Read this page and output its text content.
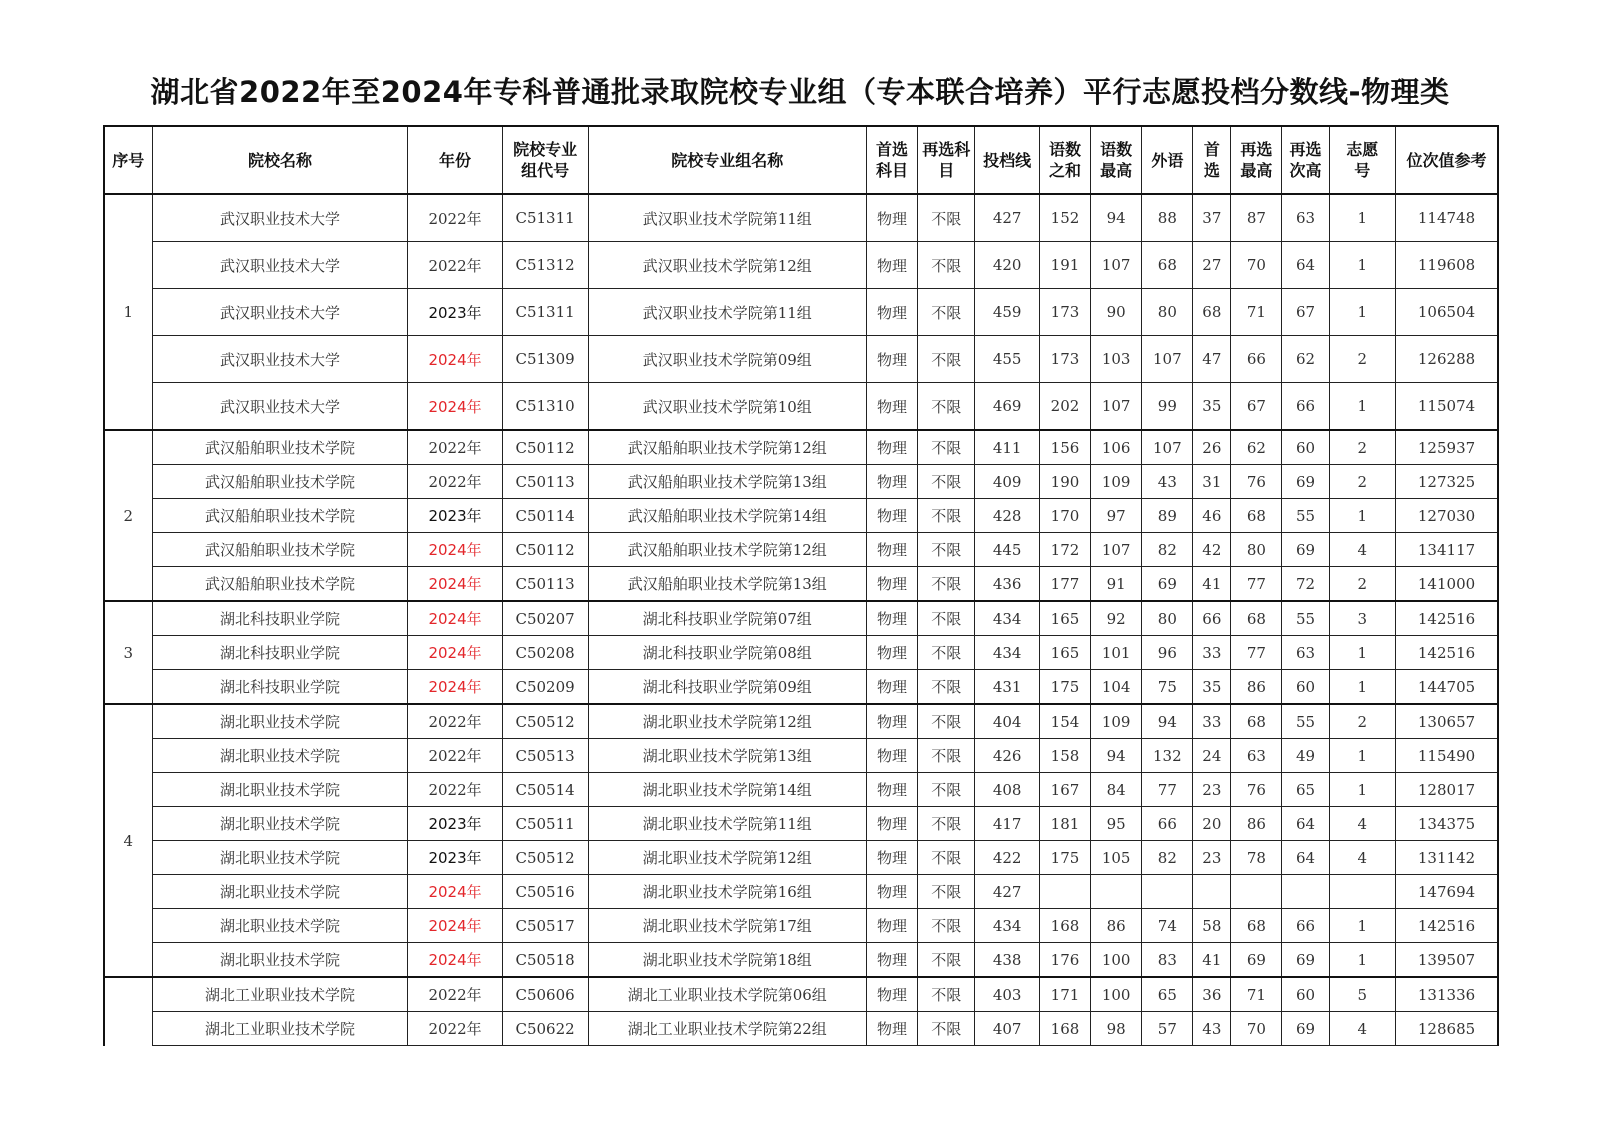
湖北省2022年至2024年专科普通批录取院校专业组（专本联合培养）平行志愿投档分数线-物理类
序号	院校名称	年份	院校专业组代号	院校专业组名称	首选科目	再选科目	投档线	语数之和	语数最高	外语	首选	再选最高	再选次高	志愿号	位次值参考
1	武汉职业技术大学	2022年	C51311	武汉职业技术学院第11组	物理	不限	427	152	94	88	37	87	63	1	114748
	武汉职业技术大学	2022年	C51312	武汉职业技术学院第12组	物理	不限	420	191	107	68	27	70	64	1	119608
	武汉职业技术大学	2023年	C51311	武汉职业技术学院第11组	物理	不限	459	173	90	80	68	71	67	1	106504
	武汉职业技术大学	2024年	C51309	武汉职业技术学院第09组	物理	不限	455	173	103	107	47	66	62	2	126288
	武汉职业技术大学	2024年	C51310	武汉职业技术学院第10组	物理	不限	469	202	107	99	35	67	66	1	115074
2	武汉船舶职业技术学院	2022年	C50112	武汉船舶职业技术学院第12组	物理	不限	411	156	106	107	26	62	60	2	125937
	武汉船舶职业技术学院	2022年	C50113	武汉船舶职业技术学院第13组	物理	不限	409	190	109	43	31	76	69	2	127325
	武汉船舶职业技术学院	2023年	C50114	武汉船舶职业技术学院第14组	物理	不限	428	170	97	89	46	68	55	1	127030
	武汉船舶职业技术学院	2024年	C50112	武汉船舶职业技术学院第12组	物理	不限	445	172	107	82	42	80	69	4	134117
	武汉船舶职业技术学院	2024年	C50113	武汉船舶职业技术学院第13组	物理	不限	436	177	91	69	41	77	72	2	141000
3	湖北科技职业学院	2024年	C50207	湖北科技职业学院第07组	物理	不限	434	165	92	80	66	68	55	3	142516
	湖北科技职业学院	2024年	C50208	湖北科技职业学院第08组	物理	不限	434	165	101	96	33	77	63	1	142516
	湖北科技职业学院	2024年	C50209	湖北科技职业学院第09组	物理	不限	431	175	104	75	35	86	60	1	144705
4	湖北职业技术学院	2022年	C50512	湖北职业技术学院第12组	物理	不限	404	154	109	94	33	68	55	2	130657
	湖北职业技术学院	2022年	C50513	湖北职业技术学院第13组	物理	不限	426	158	94	132	24	63	49	1	115490
	湖北职业技术学院	2022年	C50514	湖北职业技术学院第14组	物理	不限	408	167	84	77	23	76	65	1	128017
	湖北职业技术学院	2023年	C50511	湖北职业技术学院第11组	物理	不限	417	181	95	66	20	86	64	4	134375
	湖北职业技术学院	2023年	C50512	湖北职业技术学院第12组	物理	不限	422	175	105	82	23	78	64	4	131142
	湖北职业技术学院	2024年	C50516	湖北职业技术学院第16组	物理	不限	427								147694
	湖北职业技术学院	2024年	C50517	湖北职业技术学院第17组	物理	不限	434	168	86	74	58	68	66	1	142516
	湖北职业技术学院	2024年	C50518	湖北职业技术学院第18组	物理	不限	438	176	100	83	41	69	69	1	139507
	湖北工业职业技术学院	2022年	C50606	湖北工业职业技术学院第06组	物理	不限	403	171	100	65	36	71	60	5	131336
	湖北工业职业技术学院	2022年	C50622	湖北工业职业技术学院第22组	物理	不限	407	168	98	57	43	70	69	4	128685
